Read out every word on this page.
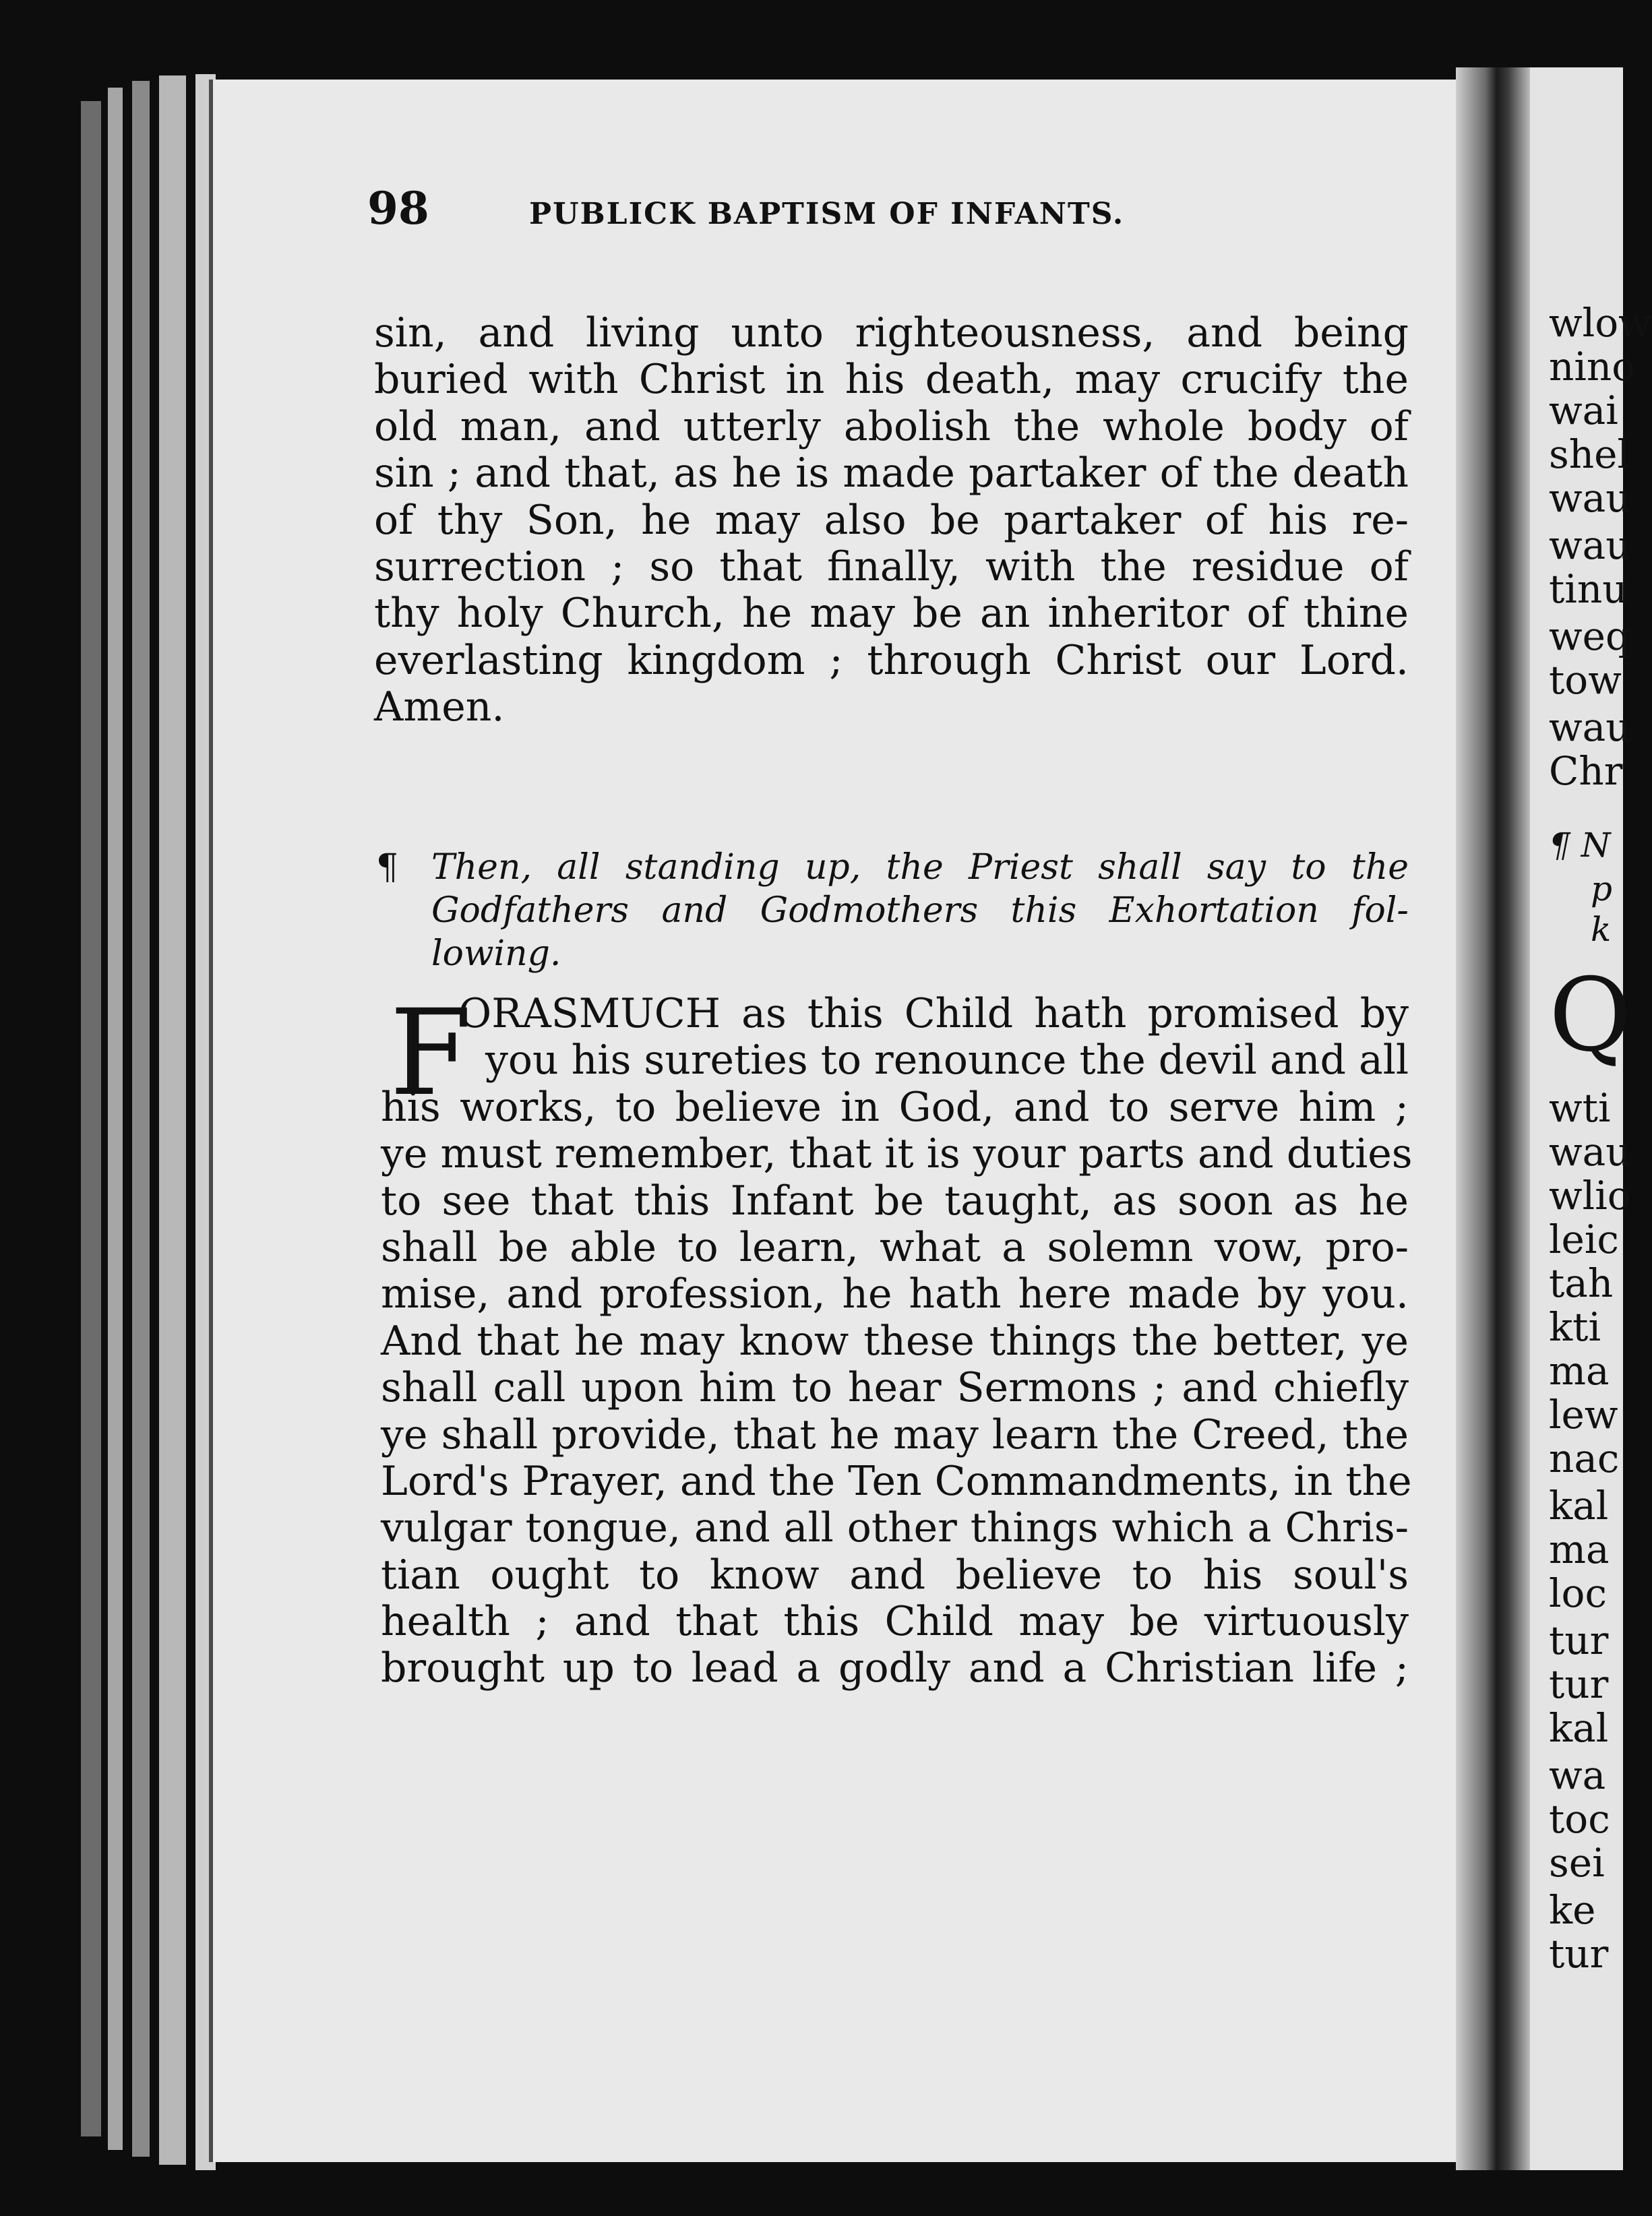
wlow
nino
wai
shel
wau
wau
tinu
weq
tow
wau
Chr
¶ N
p
k
Q
wti
wau
wlio
leic
tah
kti
ma
lew
nac
kal
ma
loc
tur
tur
kal
wa
toc
sei
ke
tur
98	PUBLICK BAPTISM OF INFANTS.
sin, and living unto righteousness, and being
buried with Christ in his death, may crucify the
old man, and utterly abolish the whole body of
sin ; and that, as he is made partaker of the death
of thy Son, he may also be partaker of his re-
surrection ; so that finally, with the residue of
thy holy Church, he may be an inheritor of thine
everlasting kingdom ; through Christ our Lord.
Amen.
¶ Then, all standing up, the Priest shall say to the
Godfathers and Godmothers this Exhortation fol-
lowing.
F
ORASMUCH as this Child hath promised by
you his sureties to renounce the devil and all
his works, to believe in God, and to serve him ;
ye must remember, that it is your parts and duties
to see that this Infant be taught, as soon as he
shall be able to learn, what a solemn vow, pro-
mise, and profession, he hath here made by you.
And that he may know these things the better, ye
shall call upon him to hear Sermons ; and chiefly
ye shall provide, that he may learn the Creed, the
Lord's Prayer, and the Ten Commandments, in the
vulgar tongue, and all other things which a Chris-
tian ought to know and believe to his soul's
health ; and that this Child may be virtuously
brought up to lead a godly and a Christian life ;
